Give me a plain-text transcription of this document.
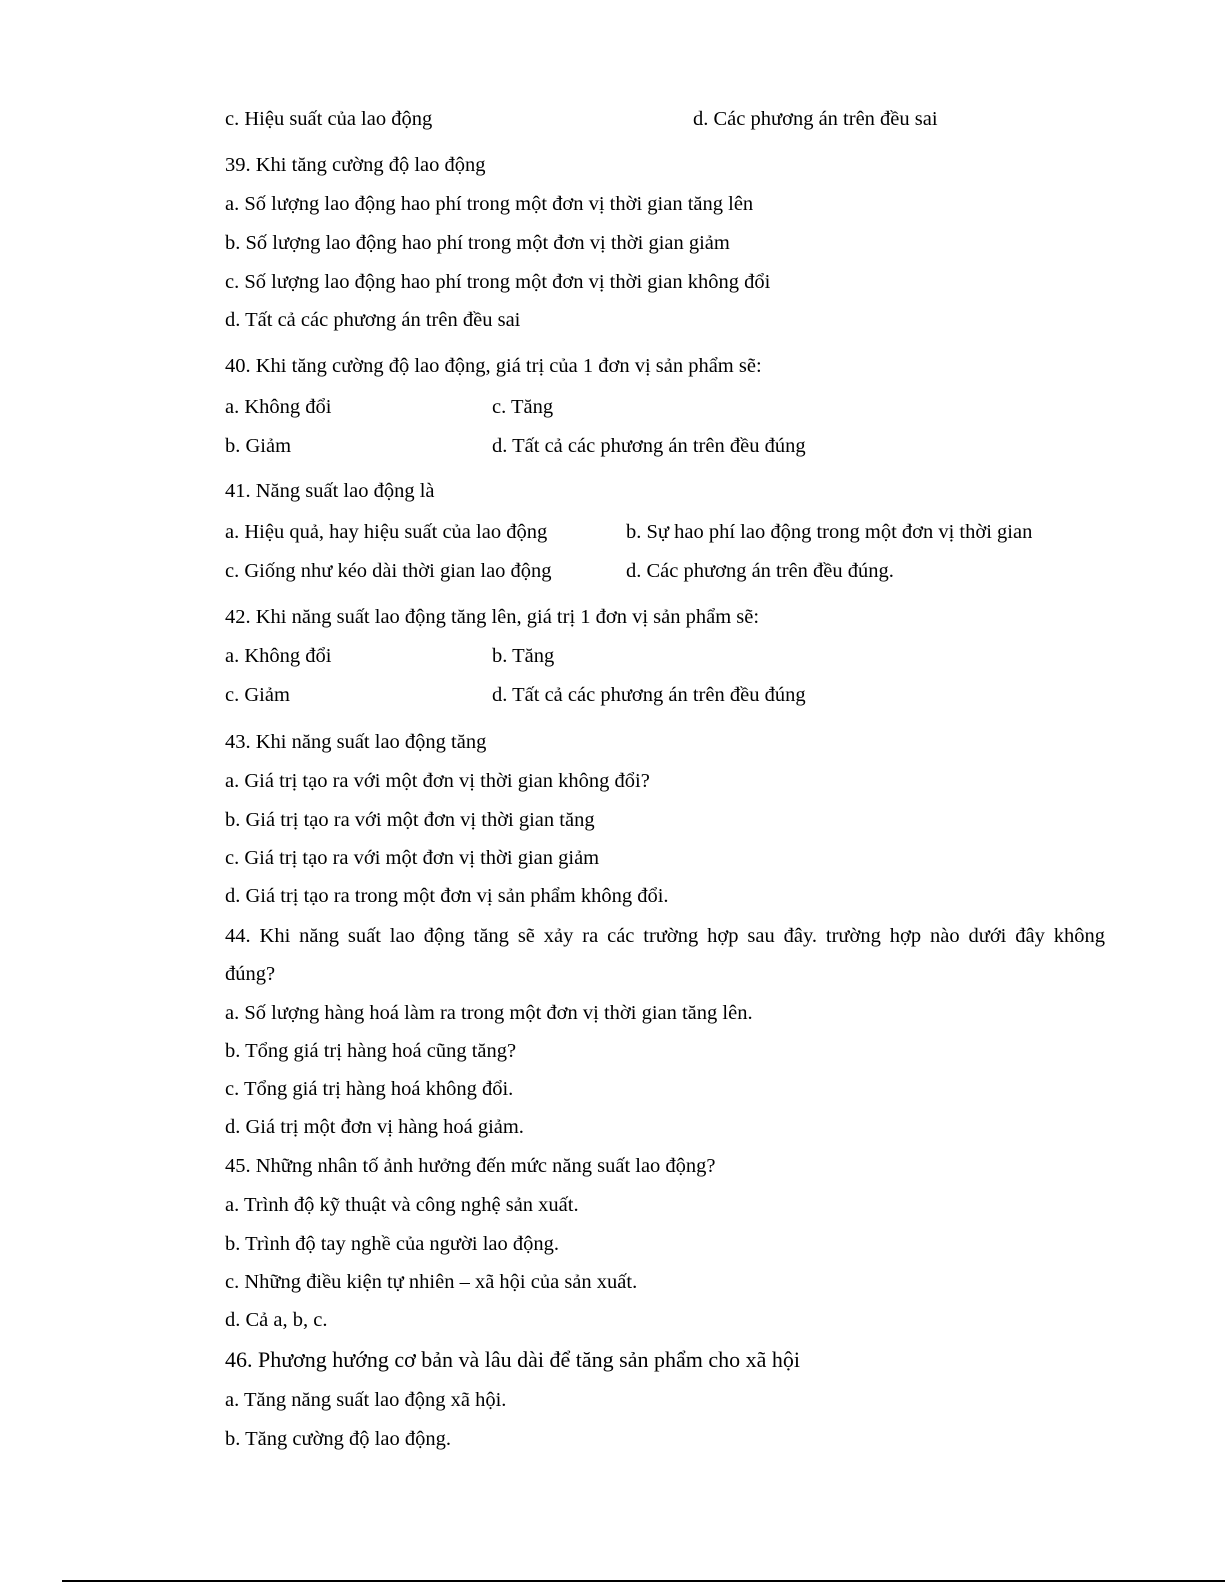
c. Hiệu suất của lao động	d. Các phương án trên đều sai
39. Khi tăng cường độ lao động
a. Số lượng lao động hao phí trong một đơn vị thời gian tăng lên
b. Số lượng lao động hao phí trong một đơn vị thời gian giảm
c. Số lượng lao động hao phí trong một đơn vị thời gian không đổi
d. Tất cả các phương án trên đều sai
40. Khi tăng cường độ lao động, giá trị của 1 đơn vị sản phẩm sẽ:
a. Không đổi	c. Tăng
b. Giảm	d. Tất cả các phương án trên đều đúng
41. Năng suất lao động là
a. Hiệu quả, hay hiệu suất của lao động	b. Sự hao phí lao động trong một đơn vị thời gian
c. Giống như kéo dài thời gian lao động	d. Các phương án trên đều đúng.
42. Khi năng suất lao động tăng lên, giá trị 1 đơn vị sản phẩm sẽ:
a. Không đổi	b. Tăng
c. Giảm	d. Tất cả các phương án trên đều đúng
43. Khi năng suất lao động tăng
a. Giá trị tạo ra với một đơn vị thời gian không đổi?
b. Giá trị tạo ra với một đơn vị thời gian tăng
c. Giá trị tạo ra với một đơn vị thời gian giảm
d. Giá trị tạo ra trong một đơn vị sản phẩm không đổi.
44. Khi năng suất lao động tăng sẽ xảy ra các trường hợp sau đây. trường hợp nào dưới đây không
đúng?
a. Số lượng hàng hoá làm ra trong một đơn vị thời gian tăng lên.
b. Tổng giá trị hàng hoá cũng tăng?
c. Tổng giá trị hàng hoá không đổi.
d. Giá trị một đơn vị hàng hoá giảm.
45. Những nhân tố ảnh hưởng đến mức năng suất lao động?
a. Trình độ kỹ thuật và công nghệ sản xuất.
b. Trình độ tay nghề của người lao động.
c. Những điều kiện tự nhiên – xã hội của sản xuất.
d. Cả a, b, c.
46. Phương hướng cơ bản và lâu dài để tăng sản phẩm cho xã hội
a. Tăng năng suất lao động xã hội.
b. Tăng cường độ lao động.
